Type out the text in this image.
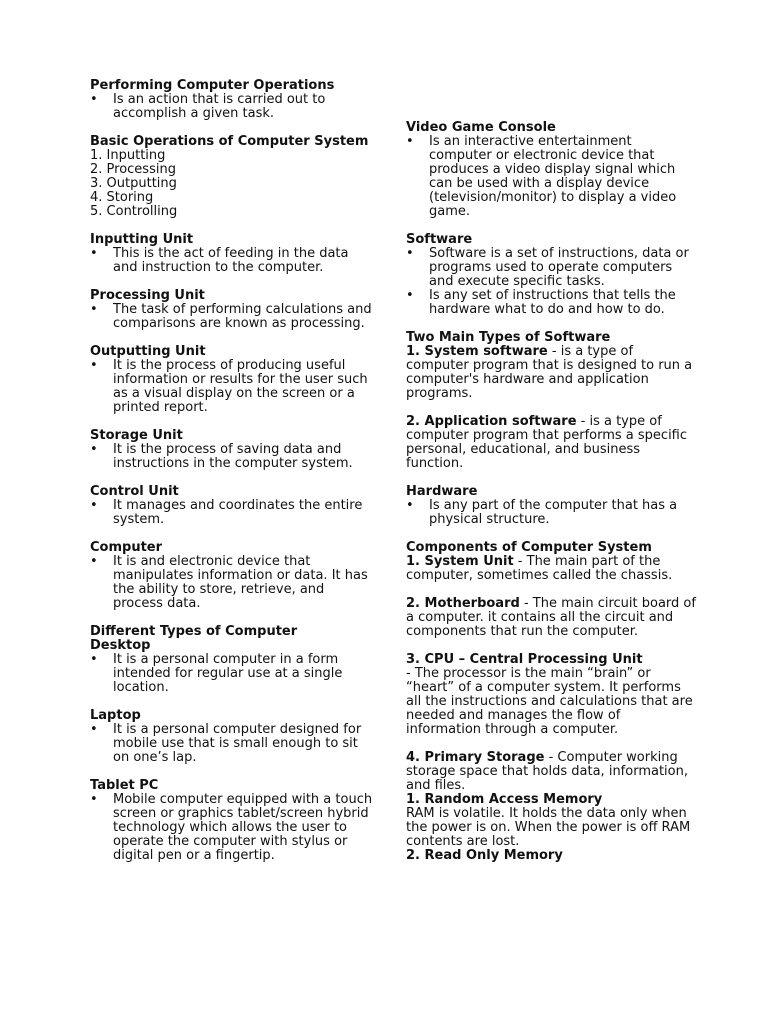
Performing Computer Operations
• Is an action that is carried out to accomplish a given task.
Basic Operations of Computer System
1. Inputting
2. Processing
3. Outputting
4. Storing
5. Controlling
Inputting Unit
• This is the act of feeding in the data and instruction to the computer.
Processing Unit
• The task of performing calculations and comparisons are known as processing.
Outputting Unit
• It is the process of producing useful information or results for the user such as a visual display on the screen or a printed report.
Storage Unit
• It is the process of saving data and instructions in the computer system.
Control Unit
• It manages and coordinates the entire system.
Computer
• It is and electronic device that manipulates information or data. It has the ability to store, retrieve, and process data.
Different Types of Computer
Desktop
• It is a personal computer in a form intended for regular use at a single location.
Laptop
• It is a personal computer designed for mobile use that is small enough to sit on one’s lap.
Tablet PC
• Mobile computer equipped with a touch screen or graphics tablet/screen hybrid technology which allows the user to operate the computer with stylus or digital pen or a fingertip.
Video Game Console
• Is an interactive entertainment computer or electronic device that produces a video display signal which can be used with a display device (television/monitor) to display a video game.
Software
• Software is a set of instructions, data or programs used to operate computers and execute specific tasks.
• Is any set of instructions that tells the hardware what to do and how to do.
Two Main Types of Software
1. System software - is a type of computer program that is designed to run a computer's hardware and application programs.
2. Application software - is a type of computer program that performs a specific personal, educational, and business function.
Hardware
• Is any part of the computer that has a physical structure.
Components of Computer System
1. System Unit - The main part of the computer, sometimes called the chassis.
2. Motherboard - The main circuit board of a computer. it contains all the circuit and components that run the computer.
3. CPU – Central Processing Unit
- The processor is the main “brain” or “heart” of a computer system. It performs all the instructions and calculations that are needed and manages the flow of information through a computer.
4. Primary Storage - Computer working storage space that holds data, information, and files.
1. Random Access Memory
RAM is volatile. It holds the data only when the power is on. When the power is off RAM contents are lost.
2. Read Only Memory
